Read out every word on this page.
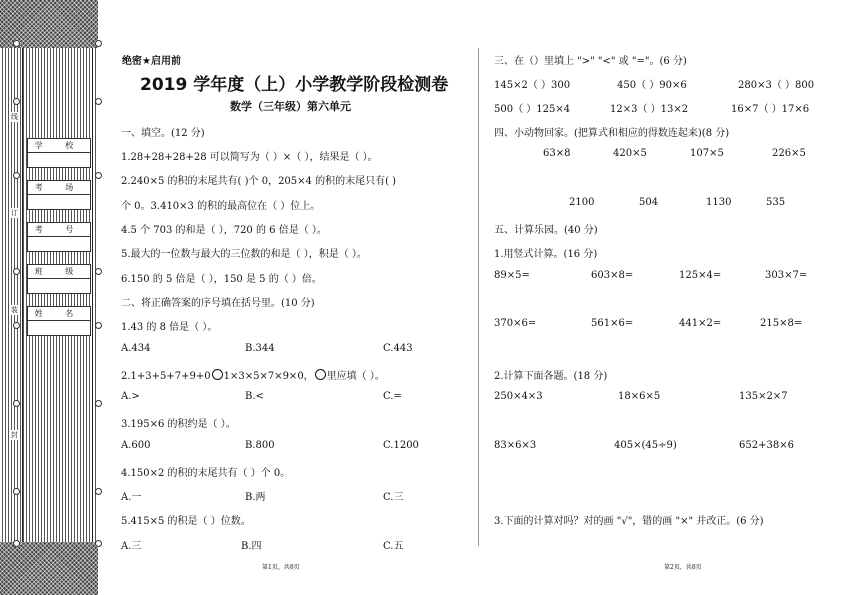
线
订
装
封
学 校
考 场
考 号
班 级
姓 名
绝密★启用前
2019 学年度（上）小学教学阶段检测卷
数学（三年级）第六单元
一、填空。(12 分)
1.28+28+28+28 可以简写为（ ）×（ ），结果是（ ）。
2.240×5 的积的末尾共有( )个 0，205×4 的积的末尾只有( )
个 0。3.410×3 的积的最高位在（ ）位上。
4.5 个 703 的和是（ ），720 的 6 倍是（ ）。
5.最大的一位数与最大的三位数的和是（ ），积是（ ）。
6.150 的 5 倍是（ ），150 是 5 的（ ）倍。
二、将正确答案的序号填在括号里。(10 分)
1.43 的 8 倍是（ ）。
A.434	B.344	C.443
2.1+3+5+7+9+0 1×3×5×7×9×0， 里应填（ ）。
A.>	B.<	C.=
3.195×6 的积约是（ ）。
A.600	B.800	C.1200
4.150×2 的积的末尾共有（ ）个 0。
A.一	B.两	C.三
5.415×5 的积是（ ）位数。
A.三	B.四	C.五
第1页，共8页
三、在（）里填上 ">" "<" 或 "="。(6 分)
145×2（ ）300	450（ ）90×6	280×3（ ）800
500（ ）125×4	12×3（ ）13×2	16×7（ ）17×6
四、小动物回家。(把算式和相应的得数连起来)(8 分)
63×8	420×5	107×5	226×5
2100	504	1130	535
五、计算乐园。(40 分)
1.用竖式计算。(16 分)
89×5=	603×8=	125×4=	303×7=
370×6=	561×6=	441×2=	215×8=
2.计算下面各题。(18 分)
250×4×3	18×6×5	135×2×7
83×6×3	405×(45÷9)	652+38×6
3.下面的计算对吗？对的画 "√"，错的画 "×" 并改正。(6 分)
第2页，共8页
